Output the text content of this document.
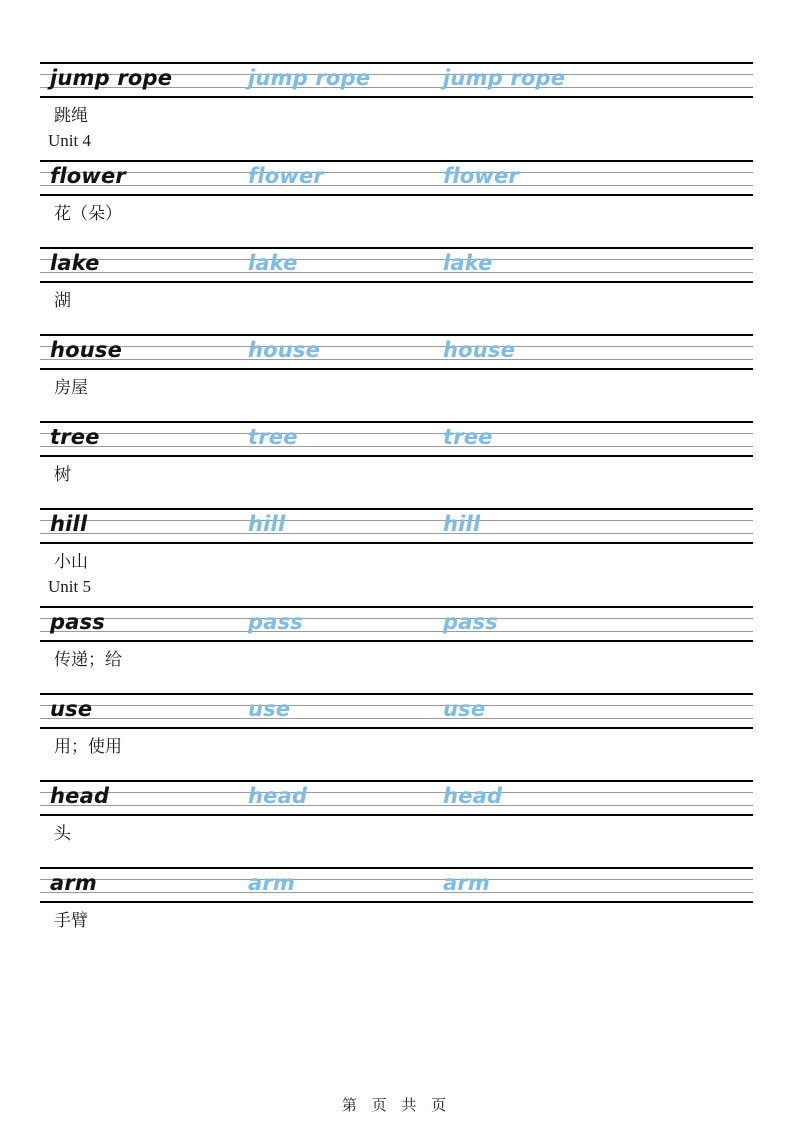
jump rope	jump rope	jump rope
跳绳
Unit 4
flower	flower	flower
花（朵）
lake	lake	lake
湖
house	house	house
房屋
tree	tree	tree
树
hill	hill	hill
小山
Unit 5
pass	pass	pass
传递；给
use	use	use
用；使用
head	head	head
头
arm	arm	arm
手臂
第 页 共 页
